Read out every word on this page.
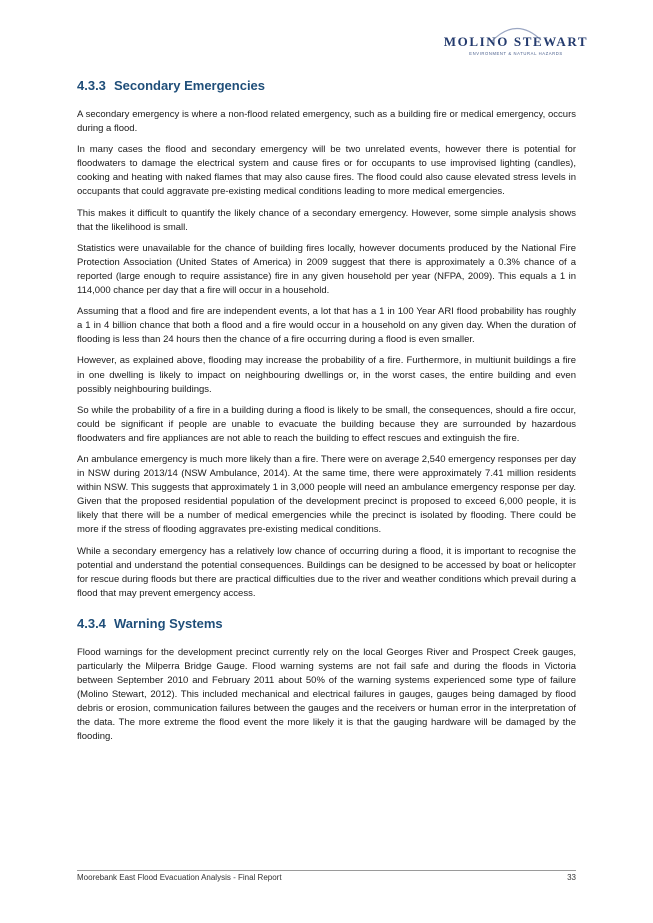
MOLINO STEWART
ENVIRONMENT & NATURAL HAZARDS
4.3.3 Secondary Emergencies

A secondary emergency is where a non-flood related emergency, such as a building fire or medical emergency, occurs during a flood.

In many cases the flood and secondary emergency will be two unrelated events, however there is potential for floodwaters to damage the electrical system and cause fires or for occupants to use improvised lighting (candles), cooking and heating with naked flames that may also cause fires. The flood could also cause elevated stress levels in occupants that could aggravate pre-existing medical conditions leading to more medical emergencies.

This makes it difficult to quantify the likely chance of a secondary emergency. However, some simple analysis shows that the likelihood is small.

Statistics were unavailable for the chance of building fires locally, however documents produced by the National Fire Protection Association (United States of America) in 2009 suggest that there is approximately a 0.3% chance of a reported (large enough to require assistance) fire in any given household per year (NFPA, 2009). This equals a 1 in 114,000 chance per day that a fire will occur in a household.

Assuming that a flood and fire are independent events, a lot that has a 1 in 100 Year ARI flood probability has roughly a 1 in 4 billion chance that both a flood and a fire would occur in a household on any given day. When the duration of flooding is less than 24 hours then the chance of a fire occurring during a flood is even smaller.

However, as explained above, flooding may increase the probability of a fire. Furthermore, in multiunit buildings a fire in one dwelling is likely to impact on neighbouring dwellings or, in the worst cases, the entire building and even possibly neighbouring buildings.

So while the probability of a fire in a building during a flood is likely to be small, the consequences, should a fire occur, could be significant if people are unable to evacuate the building because they are surrounded by hazardous floodwaters and fire appliances are not able to reach the building to effect rescues and extinguish the fire.

An ambulance emergency is much more likely than a fire. There were on average 2,540 emergency responses per day in NSW during 2013/14 (NSW Ambulance, 2014). At the same time, there were approximately 7.41 million residents within NSW. This suggests that approximately 1 in 3,000 people will need an ambulance emergency response per day. Given that the proposed residential population of the development precinct is proposed to exceed 6,000 people, it is likely that there will be a number of medical emergencies while the precinct is isolated by flooding. There could be more if the stress of flooding aggravates pre-existing medical conditions.

While a secondary emergency has a relatively low chance of occurring during a flood, it is important to recognise the potential and understand the potential consequences. Buildings can be designed to be accessed by boat or helicopter for rescue during floods but there are practical difficulties due to the river and weather conditions which prevail during a flood that may prevent emergency access.

4.3.4 Warning Systems

Flood warnings for the development precinct currently rely on the local Georges River and Prospect Creek gauges, particularly the Milperra Bridge Gauge. Flood warning systems are not fail safe and during the floods in Victoria between September 2010 and February 2011 about 50% of the warning systems experienced some type of failure (Molino Stewart, 2012). This included mechanical and electrical failures in gauges, gauges being damaged by flood debris or erosion, communication failures between the gauges and the receivers or human error in the interpretation of the data. The more extreme the flood event the more likely it is that the gauging hardware will be damaged by the flooding.

Moorebank East Flood Evacuation Analysis - Final Report	33
